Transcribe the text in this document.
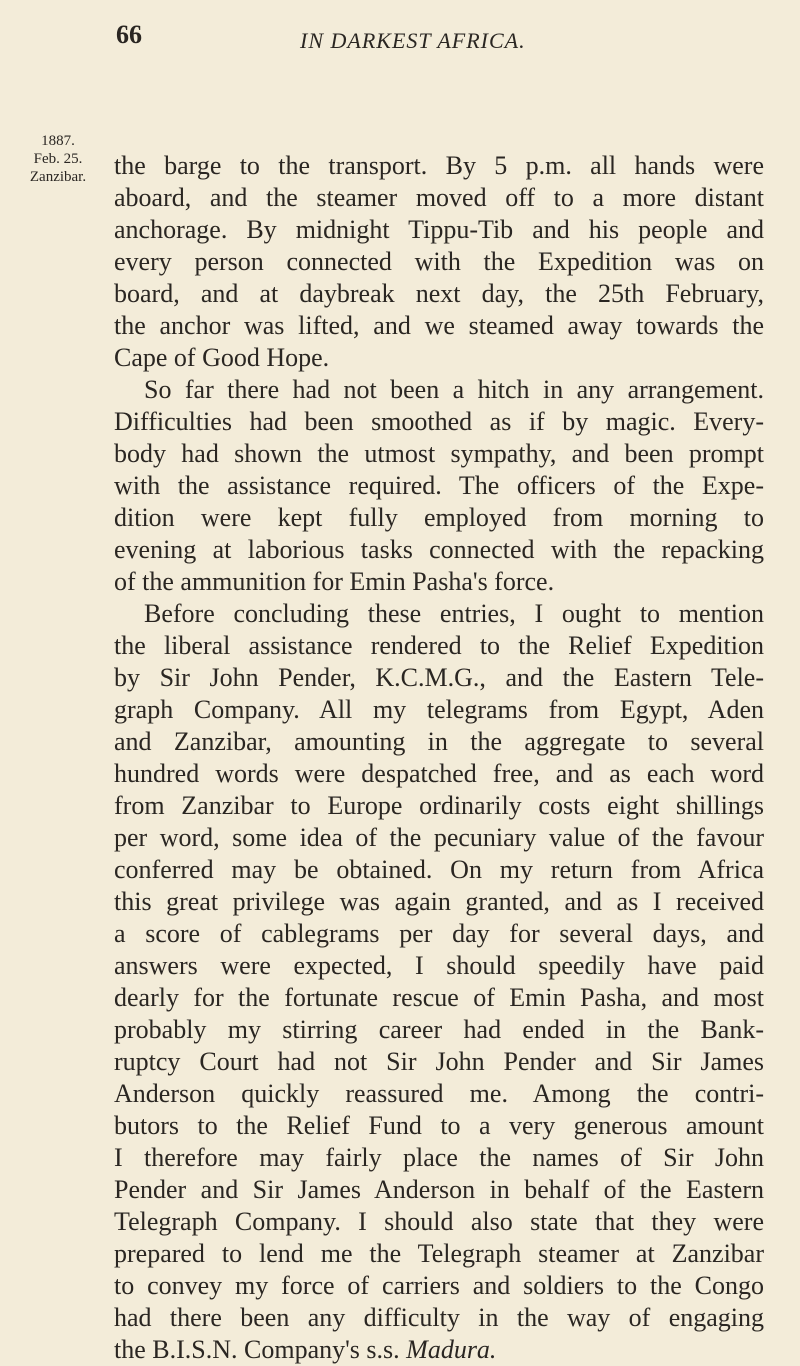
66	IN DARKEST AFRICA.
1887.
Feb. 25.
Zanzibar.	the barge to the transport. By 5 p.m. all hands were
aboard, and the steamer moved off to a more distant
anchorage. By midnight Tippu-Tib and his people and
every person connected with the Expedition was on
board, and at daybreak next day, the 25th February,
the anchor was lifted, and we steamed away towards the
Cape of Good Hope.
So far there had not been a hitch in any arrangement.
Difficulties had been smoothed as if by magic. Every-
body had shown the utmost sympathy, and been prompt
with the assistance required. The officers of the Expe-
dition were kept fully employed from morning to
evening at laborious tasks connected with the repacking
of the ammunition for Emin Pasha's force.
Before concluding these entries, I ought to mention
the liberal assistance rendered to the Relief Expedition
by Sir John Pender, K.C.M.G., and the Eastern Tele-
graph Company. All my telegrams from Egypt, Aden
and Zanzibar, amounting in the aggregate to several
hundred words were despatched free, and as each word
from Zanzibar to Europe ordinarily costs eight shillings
per word, some idea of the pecuniary value of the favour
conferred may be obtained. On my return from Africa
this great privilege was again granted, and as I received
a score of cablegrams per day for several days, and
answers were expected, I should speedily have paid
dearly for the fortunate rescue of Emin Pasha, and most
probably my stirring career had ended in the Bank-
ruptcy Court had not Sir John Pender and Sir James
Anderson quickly reassured me. Among the contri-
butors to the Relief Fund to a very generous amount
I therefore may fairly place the names of Sir John
Pender and Sir James Anderson in behalf of the Eastern
Telegraph Company. I should also state that they were
prepared to lend me the Telegraph steamer at Zanzibar
to convey my force of carriers and soldiers to the Congo
had there been any difficulty in the way of engaging
the B.I.S.N. Company's s.s. Madura.
